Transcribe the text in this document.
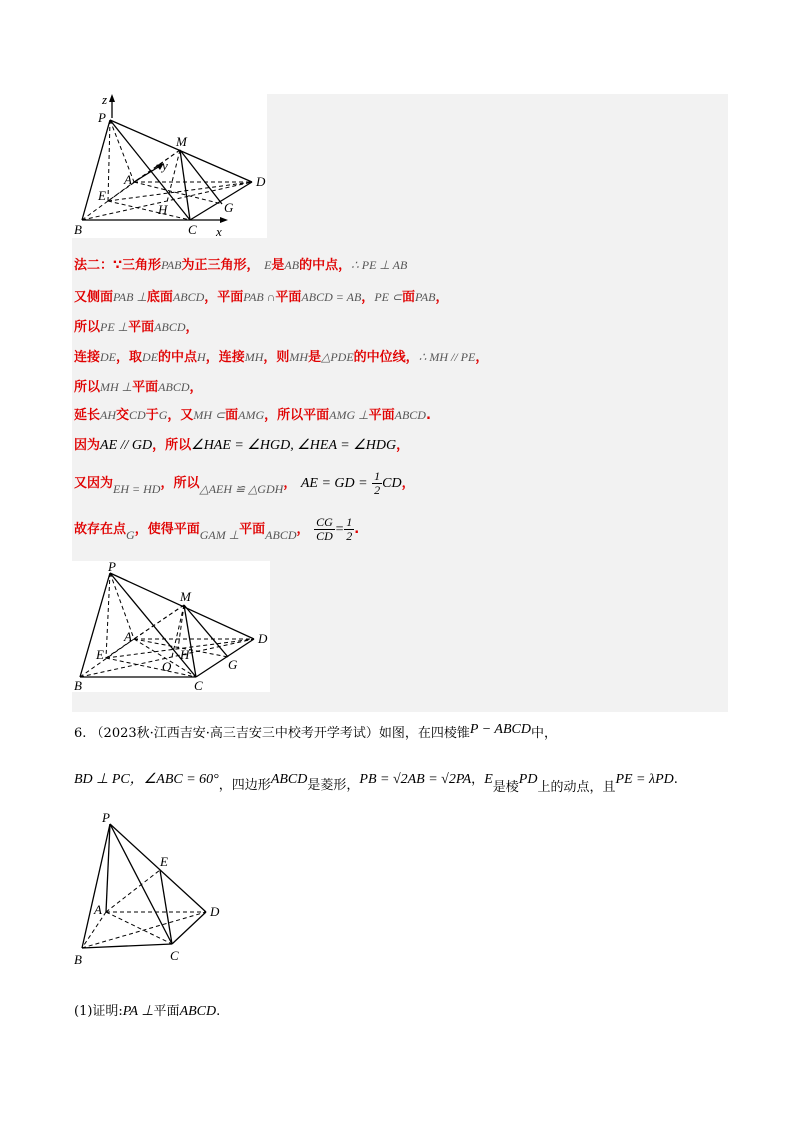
z
P
M
A
y
D
E
G
H
B	C x
法二：∵三角形PAB为正三角形， E是AB的中点，∴ PE ⊥ AB
又侧面PAB ⊥底面ABCD，平面PAB ∩平面ABCD = AB，PE ⊂面PAB，
所以PE ⊥平面ABCD，
连接DE，取DE的中点H，连接MH，则MH是△PDE的中位线，∴ MH // PE，
所以MH ⊥平面ABCD，
延长AH交CD于G，又MH ⊂面AMG，所以平面AMG ⊥平面ABCD.
因为AE // GD，所以∠HAE = ∠HGD, ∠HEA = ∠HDG，
又因为EH = HD，所以△AEH ≌ △GDH， AE = GD = $\frac{1}{2}$ CD，
故存在点G，使得平面GAM ⊥平面ABCD， $\frac{CG}{CD} = \frac{1}{2}$ .
P
M
A	D
E	H
G
O
B	C
6. （2023秋·江西吉安·高三吉安三中校考开学考试）如图，在四棱锥P − ABCD中，
BD ⊥ PC，∠ABC = 60°，四边形ABCD是菱形，PB = √2AB = √2PA，E是棱PD上的动点，且PE = λPD.
P
E
A	D
B	C
(1)证明:PA ⊥平面ABCD.
